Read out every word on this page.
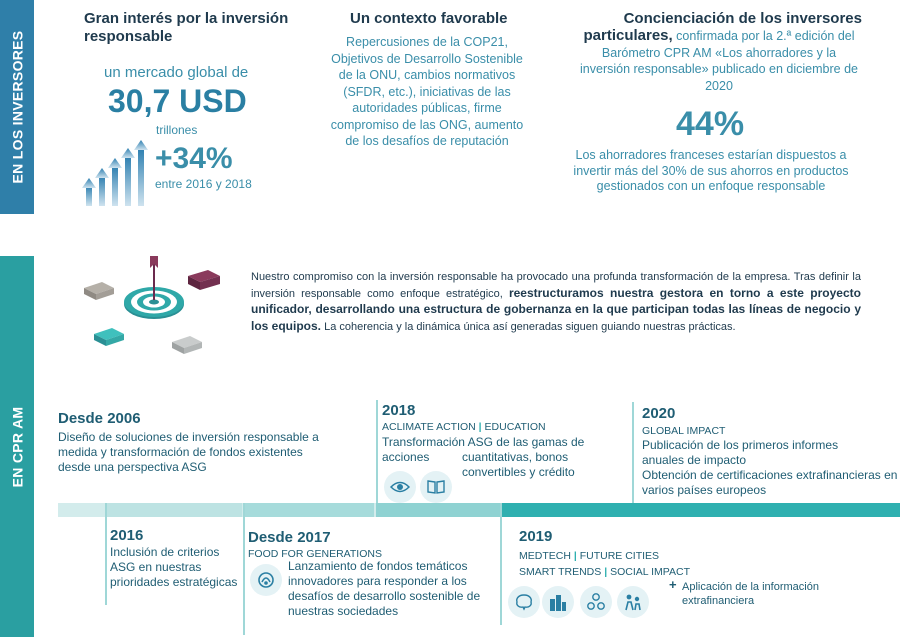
EN LOS INVERSORES
EN CPR AM
Gran interés por la inversión responsable
un mercado global de
30,7 USD
trillones
+34%
entre 2016 y 2018
Un contexto favorable
Repercusiones de la COP21, Objetivos de Desarrollo Sostenible de la ONU, cambios normativos (SFDR, etc.), iniciativas de las autoridades públicas, firme compromiso de las ONG, aumento de los desafíos de reputación
Concienciación de los inversores
particulares, confirmada por la 2.ª edición del Barómetro CPR AM «Los ahorradores y la inversión responsable» publicado en diciembre de 2020
44%
Los ahorradores franceses estarían dispuestos a invertir más del 30% de sus ahorros en productos gestionados con un enfoque responsable
Nuestro compromiso con la inversión responsable ha provocado una profunda transformación de la empresa. Tras definir la inversión responsable como enfoque estratégico, reestructuramos nuestra gestora en torno a este proyecto unificador, desarrollando una estructura de gobernanza en la que participan todas las líneas de negocio y los equipos. La coherencia y la dinámica única así generadas siguen guiando nuestras prácticas.
Desde 2006
Diseño de soluciones de inversión responsable a medida y transformación de fondos existentes desde una perspectiva ASG
2016
Inclusión de criterios ASG en nuestras prioridades estratégicas
Desde 2017
FOOD FOR GENERATIONS
Lanzamiento de fondos temáticos innovadores para responder a los desafíos de desarrollo sostenible de nuestras sociedades
2018
ACLIMATE ACTION | EDUCATION
Transformación ASG de las gamas de
acciones	cuantitativas, bonos convertibles y crédito
2019
MEDTECH | FUTURE CITIES
SMART TRENDS | SOCIAL IMPACT
+ Aplicación de la información extrafinanciera
2020
GLOBAL IMPACT
Publicación de los primeros informes anuales de impacto
Obtención de certificaciones extrafinancieras en varios países europeos
